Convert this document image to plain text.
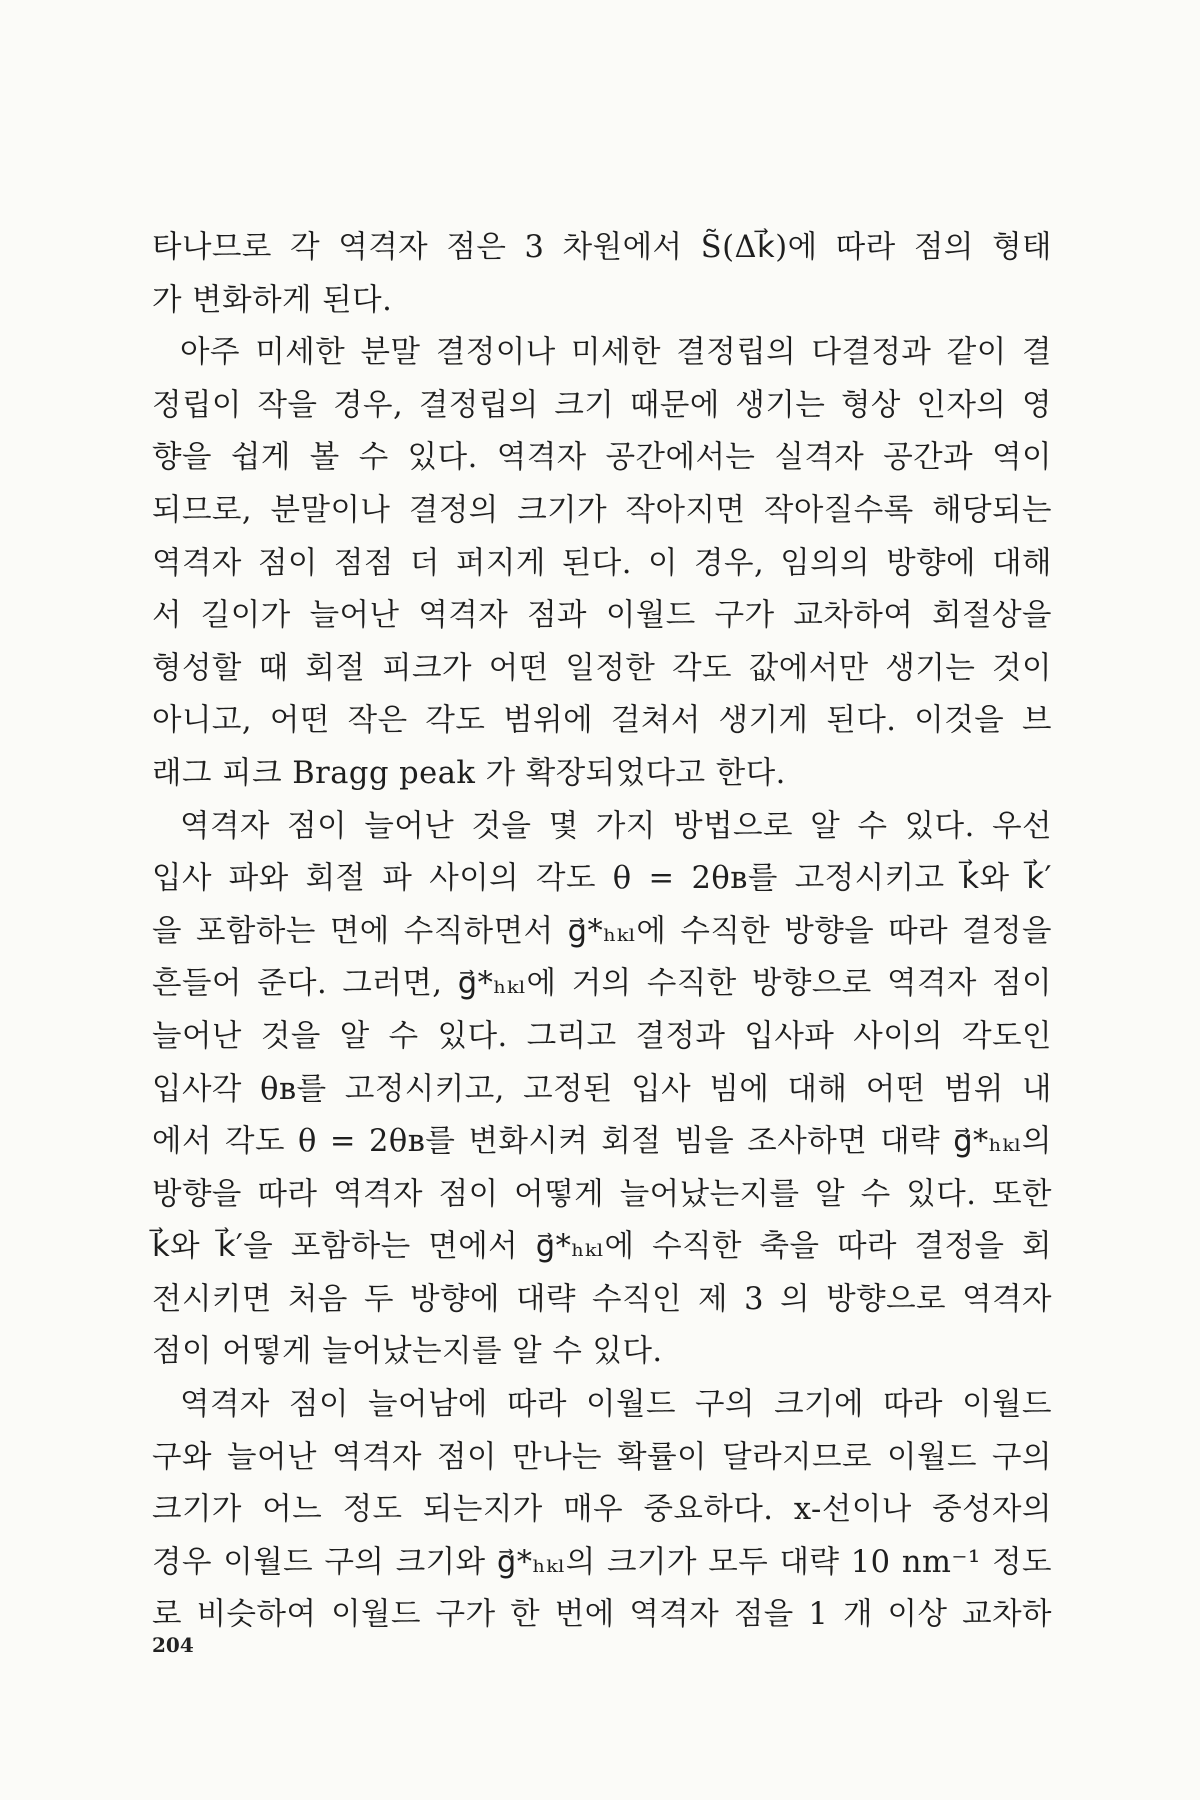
타나므로 각 역격자 점은 3 차원에서 S̃(Δk⃗)에 따라 점의 형태
가 변화하게 된다.
아주 미세한 분말 결정이나 미세한 결정립의 다결정과 같이 결
정립이 작을 경우, 결정립의 크기 때문에 생기는 형상 인자의 영
향을 쉽게 볼 수 있다. 역격자 공간에서는 실격자 공간과 역이
되므로, 분말이나 결정의 크기가 작아지면 작아질수록 해당되는
역격자 점이 점점 더 퍼지게 된다. 이 경우, 임의의 방향에 대해
서 길이가 늘어난 역격자 점과 이월드 구가 교차하여 회절상을
형성할 때 회절 피크가 어떤 일정한 각도 값에서만 생기는 것이
아니고, 어떤 작은 각도 범위에 걸쳐서 생기게 된다. 이것을 브
래그 피크 Bragg peak 가 확장되었다고 한다.
역격자 점이 늘어난 것을 몇 가지 방법으로 알 수 있다. 우선
입사 파와 회절 파 사이의 각도 θ = 2θʙ를 고정시키고 k⃗와 k⃗′
을 포함하는 면에 수직하면서 g⃗*ₕₖₗ에 수직한 방향을 따라 결정을
흔들어 준다. 그러면, g⃗*ₕₖₗ에 거의 수직한 방향으로 역격자 점이
늘어난 것을 알 수 있다. 그리고 결정과 입사파 사이의 각도인
입사각 θʙ를 고정시키고, 고정된 입사 빔에 대해 어떤 범위 내
에서 각도 θ = 2θʙ를 변화시켜 회절 빔을 조사하면 대략 g⃗*ₕₖₗ의
방향을 따라 역격자 점이 어떻게 늘어났는지를 알 수 있다. 또한
k⃗와 k⃗′을 포함하는 면에서 g⃗*ₕₖₗ에 수직한 축을 따라 결정을 회
전시키면 처음 두 방향에 대략 수직인 제 3 의 방향으로 역격자
점이 어떻게 늘어났는지를 알 수 있다.
역격자 점이 늘어남에 따라 이월드 구의 크기에 따라 이월드
구와 늘어난 역격자 점이 만나는 확률이 달라지므로 이월드 구의
크기가 어느 정도 되는지가 매우 중요하다. x-선이나 중성자의
경우 이월드 구의 크기와 g⃗*ₕₖₗ의 크기가 모두 대략 10 nm⁻¹ 정도
로 비슷하여 이월드 구가 한 번에 역격자 점을 1 개 이상 교차하
204
